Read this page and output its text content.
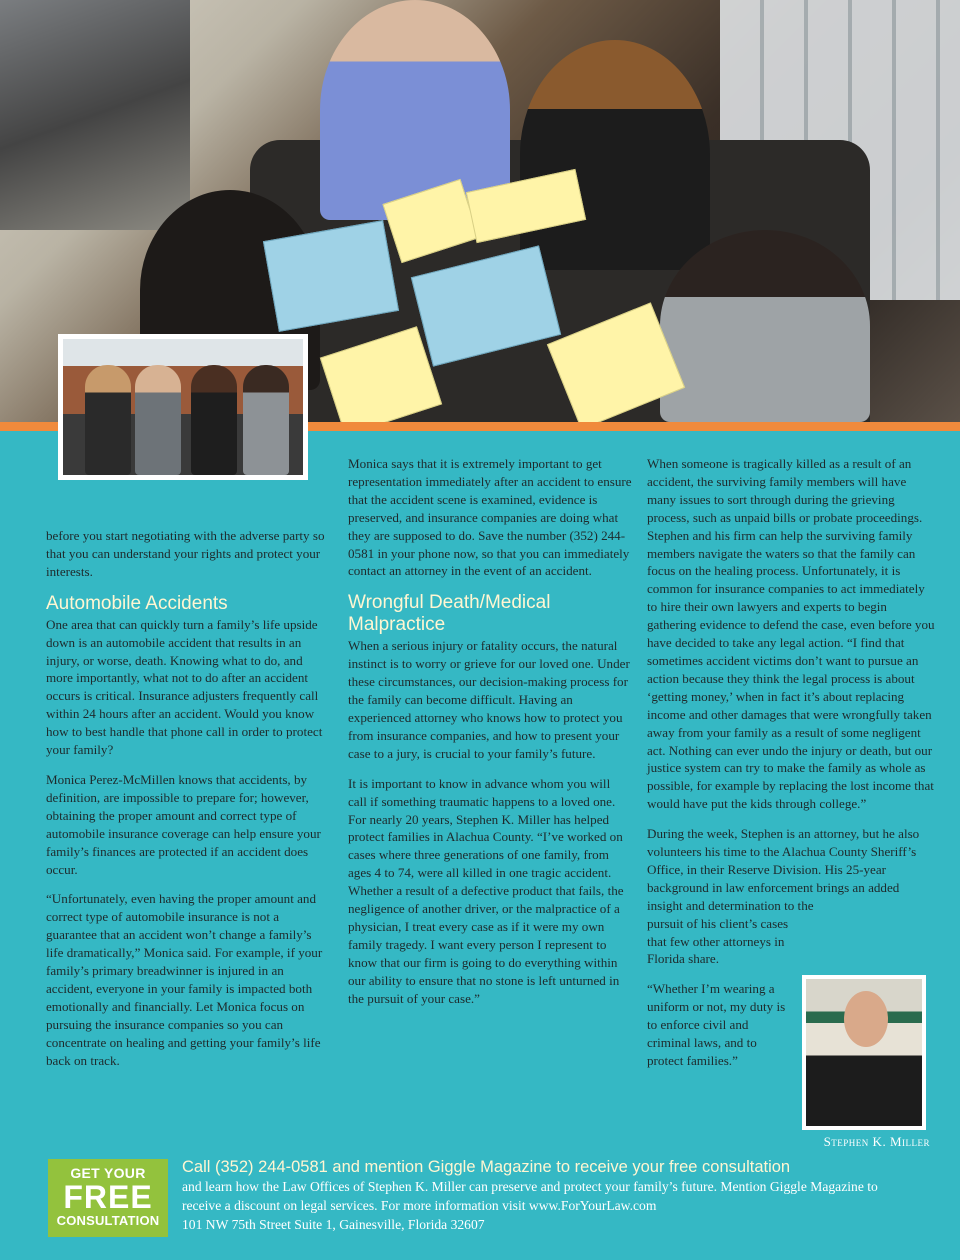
before you start negotiating with the adverse party so that you can understand your rights and protect your interests.

Automobile Accidents

One area that can quickly turn a family’s life upside down is an automobile accident that results in an injury, or worse, death. Knowing what to do, and more importantly, what not to do after an accident occurs is critical. Insurance adjusters frequently call within 24 hours after an accident. Would you know how to best handle that phone call in order to protect your family?

Monica Perez-McMillen knows that accidents, by definition, are impossible to prepare for; however, obtaining the proper amount and correct type of automobile insurance coverage can help ensure your family’s finances are protected if an accident does occur.

“Unfortunately, even having the proper amount and correct type of automobile insurance is not a guarantee that an accident won’t change a family’s life dramatically,” Monica said. For example, if your family’s primary breadwinner is injured in an accident, everyone in your family is impacted both emotionally and financially. Let Monica focus on pursuing the insurance companies so you can concentrate on healing and getting your family’s life back on track.

Monica says that it is extremely important to get representation immediately after an accident to ensure that the accident scene is examined, evidence is preserved, and insurance companies are doing what they are supposed to do. Save the number (352) 244-0581 in your phone now, so that you can immediately contact an attorney in the event of an accident.

Wrongful Death/Medical Malpractice

When a serious injury or fatality occurs, the natural instinct is to worry or grieve for our loved one. Under these circumstances, our decision-making process for the family can become difficult. Having an experienced attorney who knows how to protect you from insurance companies, and how to present your case to a jury, is crucial to your family’s future.

It is important to know in advance whom you will call if something traumatic happens to a loved one. For nearly 20 years, Stephen K. Miller has helped protect families in Alachua County. “I’ve worked on cases where three generations of one family, from ages 4 to 74, were all killed in one tragic accident. Whether a result of a defective product that fails, the negligence of another driver, or the malpractice of a physician, I treat every case as if it were my own family tragedy. I want every person I represent to know that our firm is going to do everything within our ability to ensure that no stone is left unturned in the pursuit of your case.”

When someone is tragically killed as a result of an accident, the surviving family members will have many issues to sort through during the grieving process, such as unpaid bills or probate proceedings. Stephen and his firm can help the surviving family members navigate the waters so that the family can focus on the healing process. Unfortunately, it is common for insurance companies to act immediately to hire their own lawyers and experts to begin gathering evidence to defend the case, even before you have decided to take any legal action. “I find that sometimes accident victims don’t want to pursue an action because they think the legal process is about ‘getting money,’ when in fact it’s about replacing income and other damages that were wrongfully taken away from your family as a result of some negligent act. Nothing can ever undo the injury or death, but our justice system can try to make the family as whole as possible, for example by replacing the lost income that would have put the kids through college.”

During the week, Stephen is an attorney, but he also volunteers his time to the Alachua County Sheriff’s Office, in their Reserve Division. His 25-year background in law enforcement brings an added insight and determination to the

pursuit of his client’s cases that few other attorneys in Florida share.

“Whether I’m wearing a uniform or not, my duty is to enforce civil and criminal laws, and to protect families.”

Stephen K. Miller
GET YOUR
FREE
CONSULTATION
Call (352) 244-0581 and mention Giggle Magazine to receive your free consultation
and learn how the Law Offices of Stephen K. Miller can preserve and protect your family’s future. Mention Giggle Magazine to receive a discount on legal services. For more information visit www.ForYourLaw.com
101 NW 75th Street Suite 1, Gainesville, Florida 32607
